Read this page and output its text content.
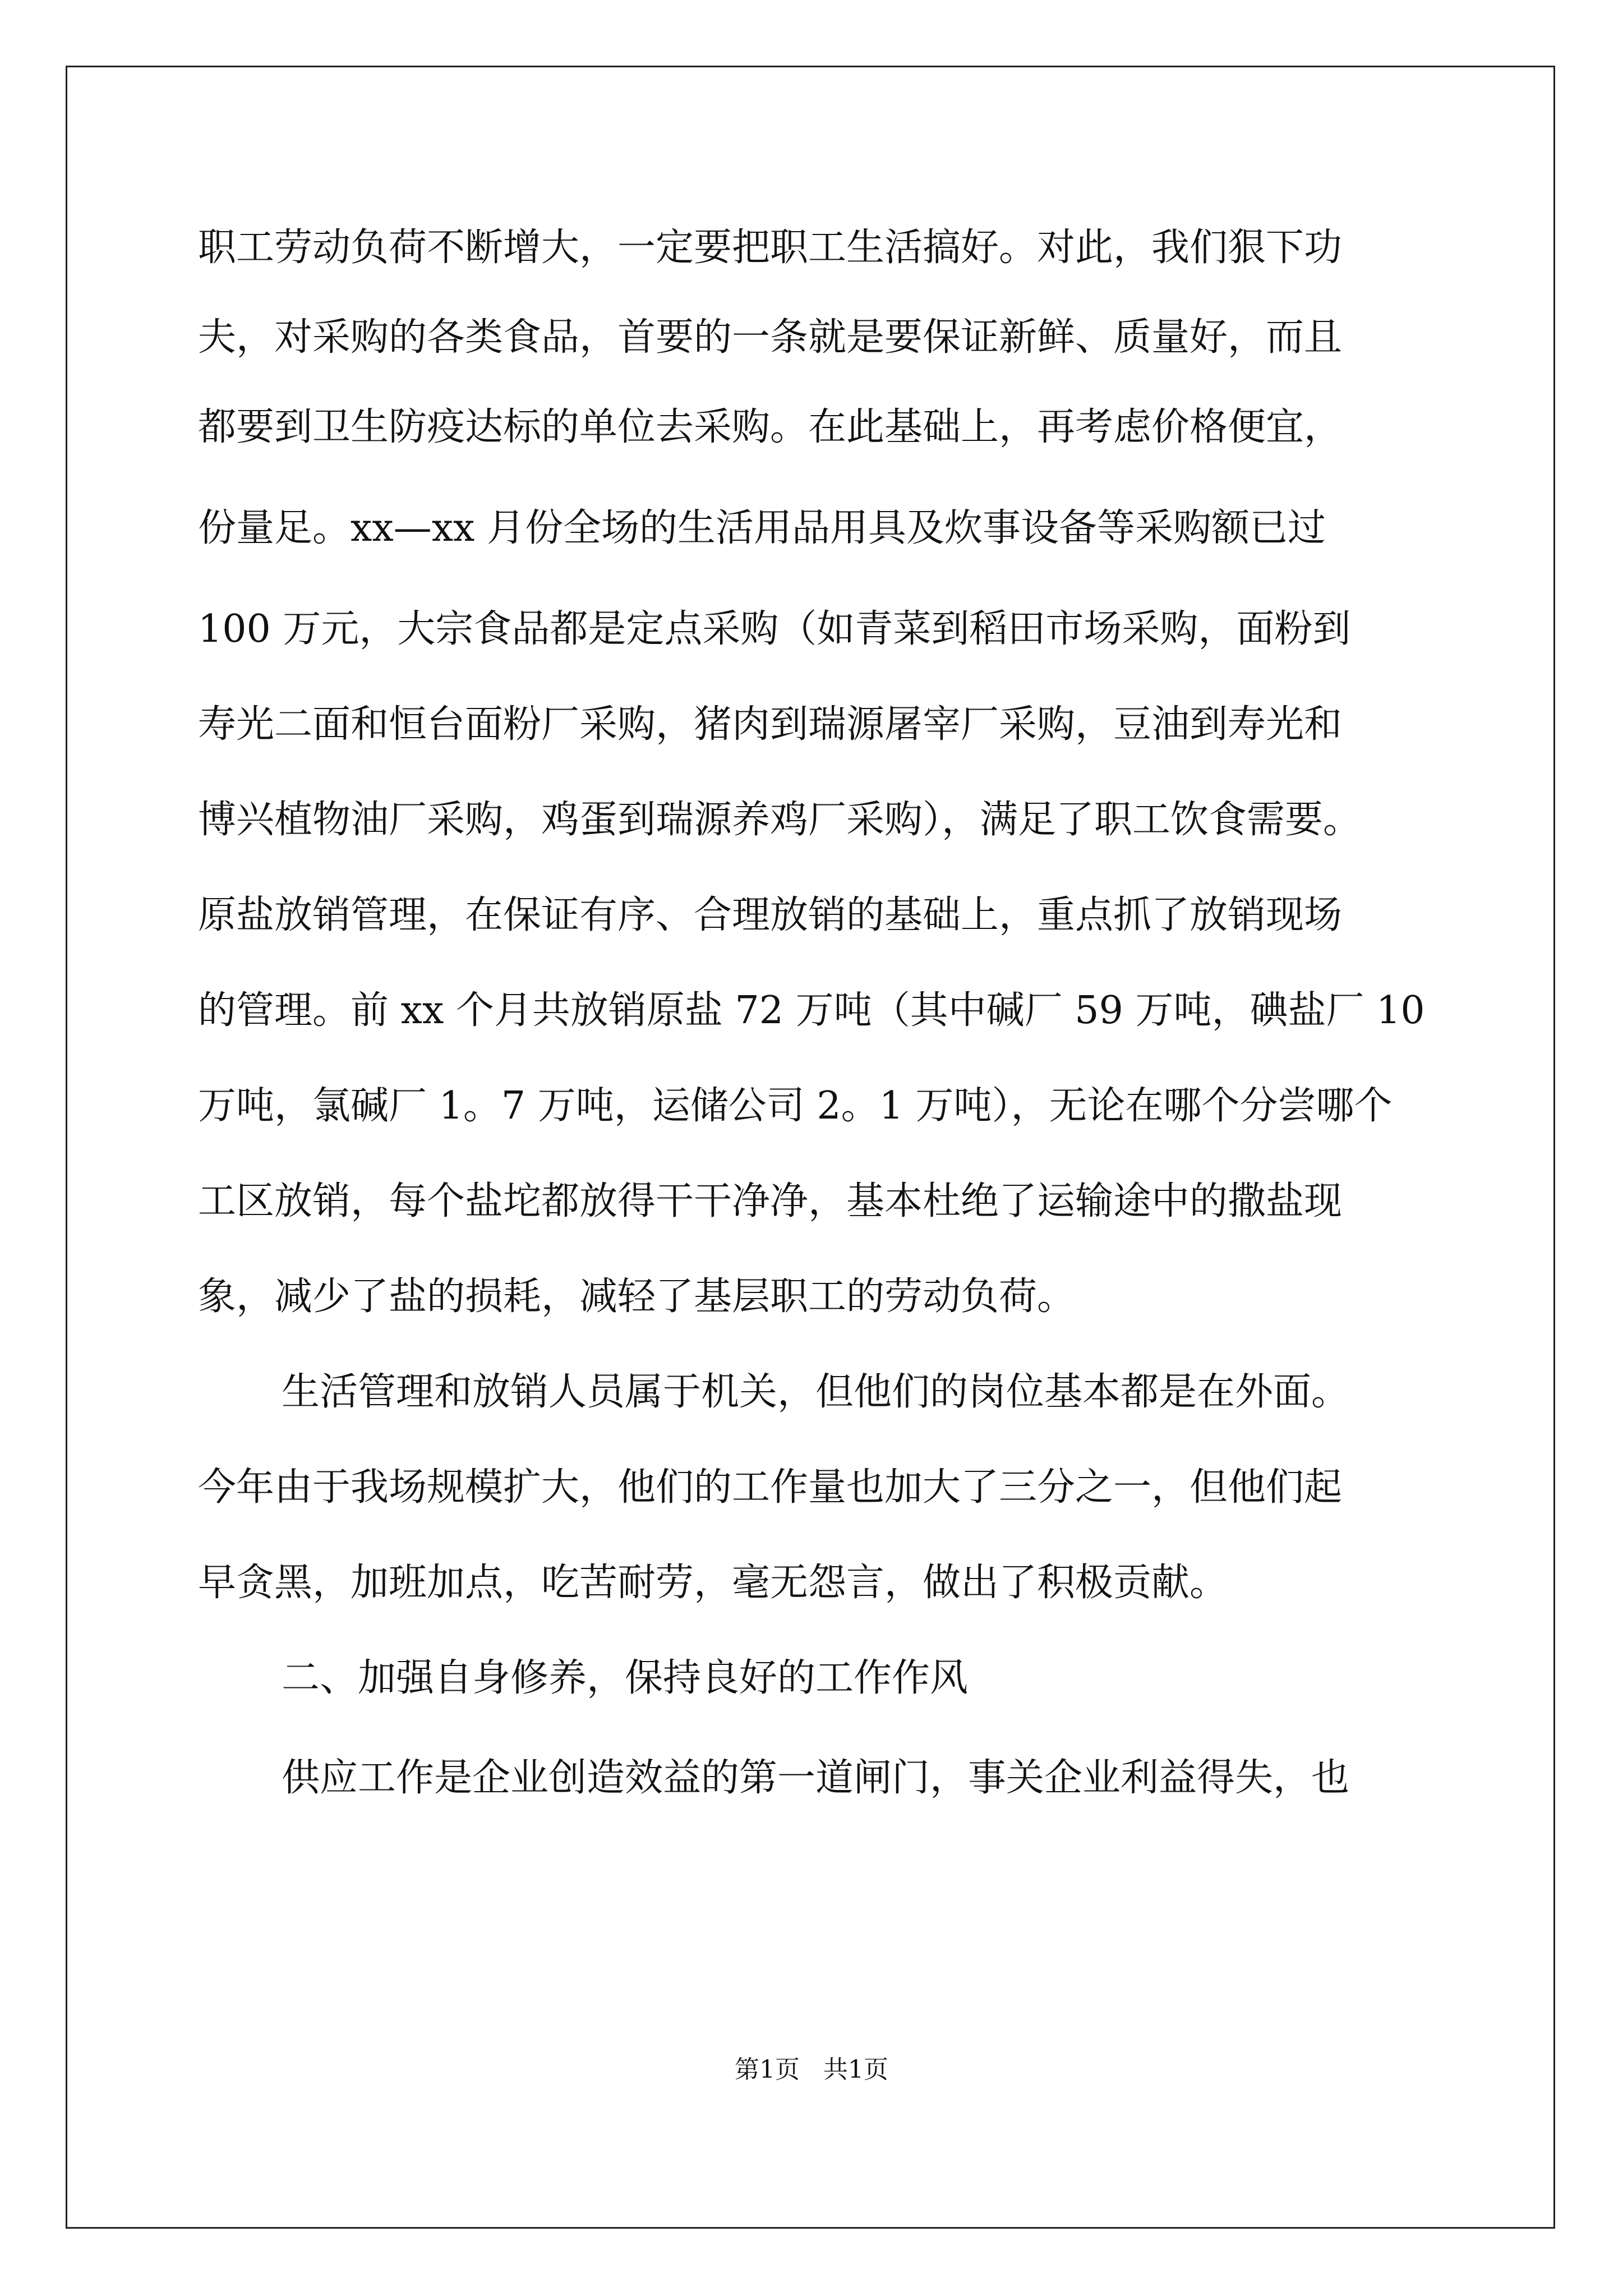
职工劳动负荷不断增大，一定要把职工生活搞好。对此，我们狠下功
夫，对采购的各类食品，首要的一条就是要保证新鲜、质量好，而且
都要到卫生防疫达标的单位去采购。在此基础上，再考虑价格便宜，
份量足。xx—xx 月份全场的生活用品用具及炊事设备等采购额已过
100 万元，大宗食品都是定点采购（如青菜到稻田市场采购，面粉到
寿光二面和恒台面粉厂采购，猪肉到瑞源屠宰厂采购，豆油到寿光和
博兴植物油厂采购，鸡蛋到瑞源养鸡厂采购），满足了职工饮食需要。
原盐放销管理，在保证有序、合理放销的基础上，重点抓了放销现场
的管理。前 xx 个月共放销原盐 72 万吨（其中碱厂 59 万吨，碘盐厂 10
万吨，氯碱厂 1。7 万吨，运储公司 2。1 万吨），无论在哪个分尝哪个
工区放销，每个盐坨都放得干干净净，基本杜绝了运输途中的撒盐现
象，减少了盐的损耗，减轻了基层职工的劳动负荷。
生活管理和放销人员属于机关，但他们的岗位基本都是在外面。
今年由于我场规模扩大，他们的工作量也加大了三分之一，但他们起
早贪黑，加班加点，吃苦耐劳，毫无怨言，做出了积极贡献。
二、加强自身修养，保持良好的工作作风
供应工作是企业创造效益的第一道闸门，事关企业利益得失，也
第1页   共1页
